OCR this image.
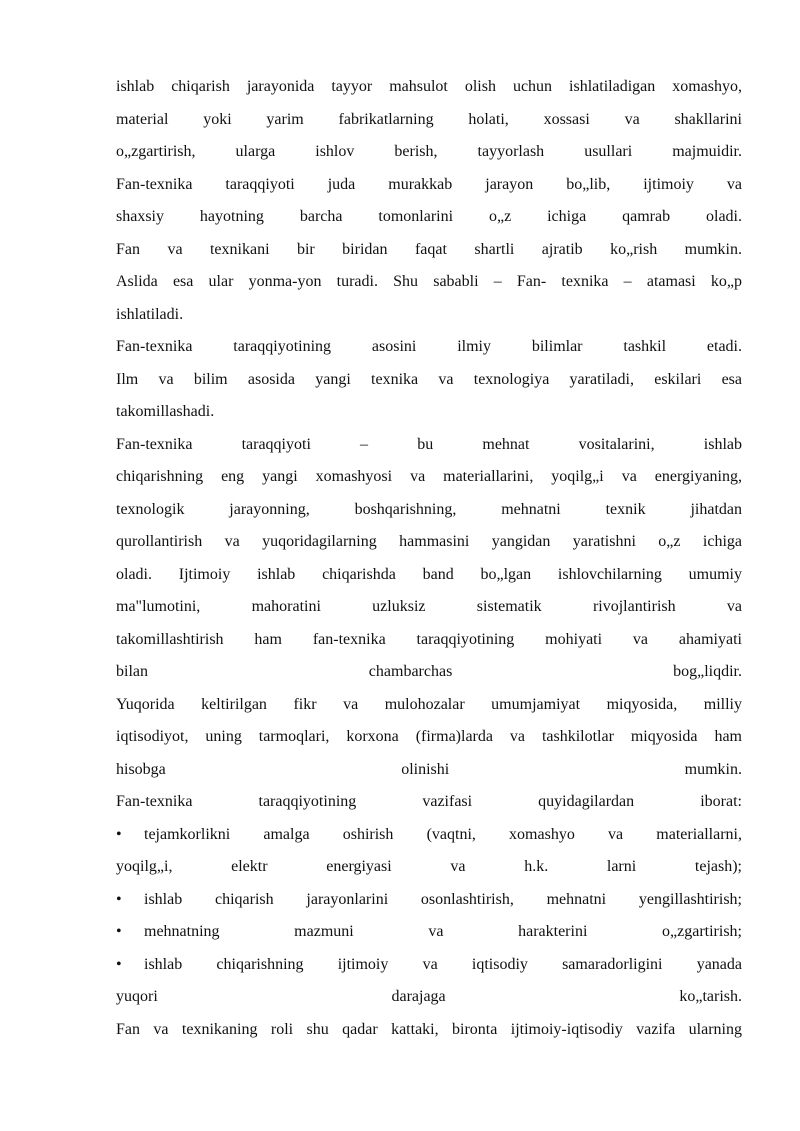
ishlab chiqarish jarayonida tayyor mahsulot olish uchun ishlatiladigan xomashyo,
material yoki yarim fabrikatlarning holati, xossasi va shakllarini
o„zgartirish, ularga ishlov berish, tayyorlash usullari majmuidir.
Fan-texnika taraqqiyoti juda murakkab jarayon bo„lib, ijtimoiy va
shaxsiy hayotning barcha tomonlarini o„z ichiga qamrab oladi.
Fan va texnikani bir biridan faqat shartli ajratib ko„rish mumkin.
Aslida esa ular yonma-yon turadi. Shu sababli – Fan- texnika – atamasi ko„p
ishlatiladi.
Fan-texnika taraqqiyotining asosini ilmiy bilimlar tashkil etadi.
Ilm va bilim asosida yangi texnika va texnologiya yaratiladi, eskilari esa
takomillashadi.
Fan-texnika taraqqiyoti – bu mehnat vositalarini, ishlab
chiqarishning eng yangi xomashyosi va materiallarini, yoqilg„i va energiyaning,
texnologik jarayonning, boshqarishning, mehnatni texnik jihatdan
qurollantirish va yuqoridagilarning hammasini yangidan yaratishni o„z ichiga
oladi. Ijtimoiy ishlab chiqarishda band bo„lgan ishlovchilarning umumiy
ma"lumotini, mahoratini uzluksiz sistematik rivojlantirish va
takomillashtirish ham fan-texnika taraqqiyotining mohiyati va ahamiyati
bilan chambarchas bog„liqdir.
Yuqorida keltirilgan fikr va mulohozalar umumjamiyat miqyosida, milliy
iqtisodiyot, uning tarmoqlari, korxona (firma)larda va tashkilotlar miqyosida ham
hisobga olinishi mumkin.
Fan-texnika taraqqiyotining vazifasi quyidagilardan iborat:
• tejamkorlikni amalga oshirish (vaqtni, xomashyo va materiallarni,
yoqilg„i, elektr energiyasi va h.k. larni tejash);
• ishlab chiqarish jarayonlarini osonlashtirish, mehnatni yengillashtirish;
• mehnatning mazmuni va harakterini o„zgartirish;
• ishlab chiqarishning ijtimoiy va iqtisodiy samaradorligini yanada
yuqori darajaga ko„tarish.
Fan va texnikaning roli shu qadar kattaki, bironta ijtimoiy-iqtisodiy vazifa ularning
